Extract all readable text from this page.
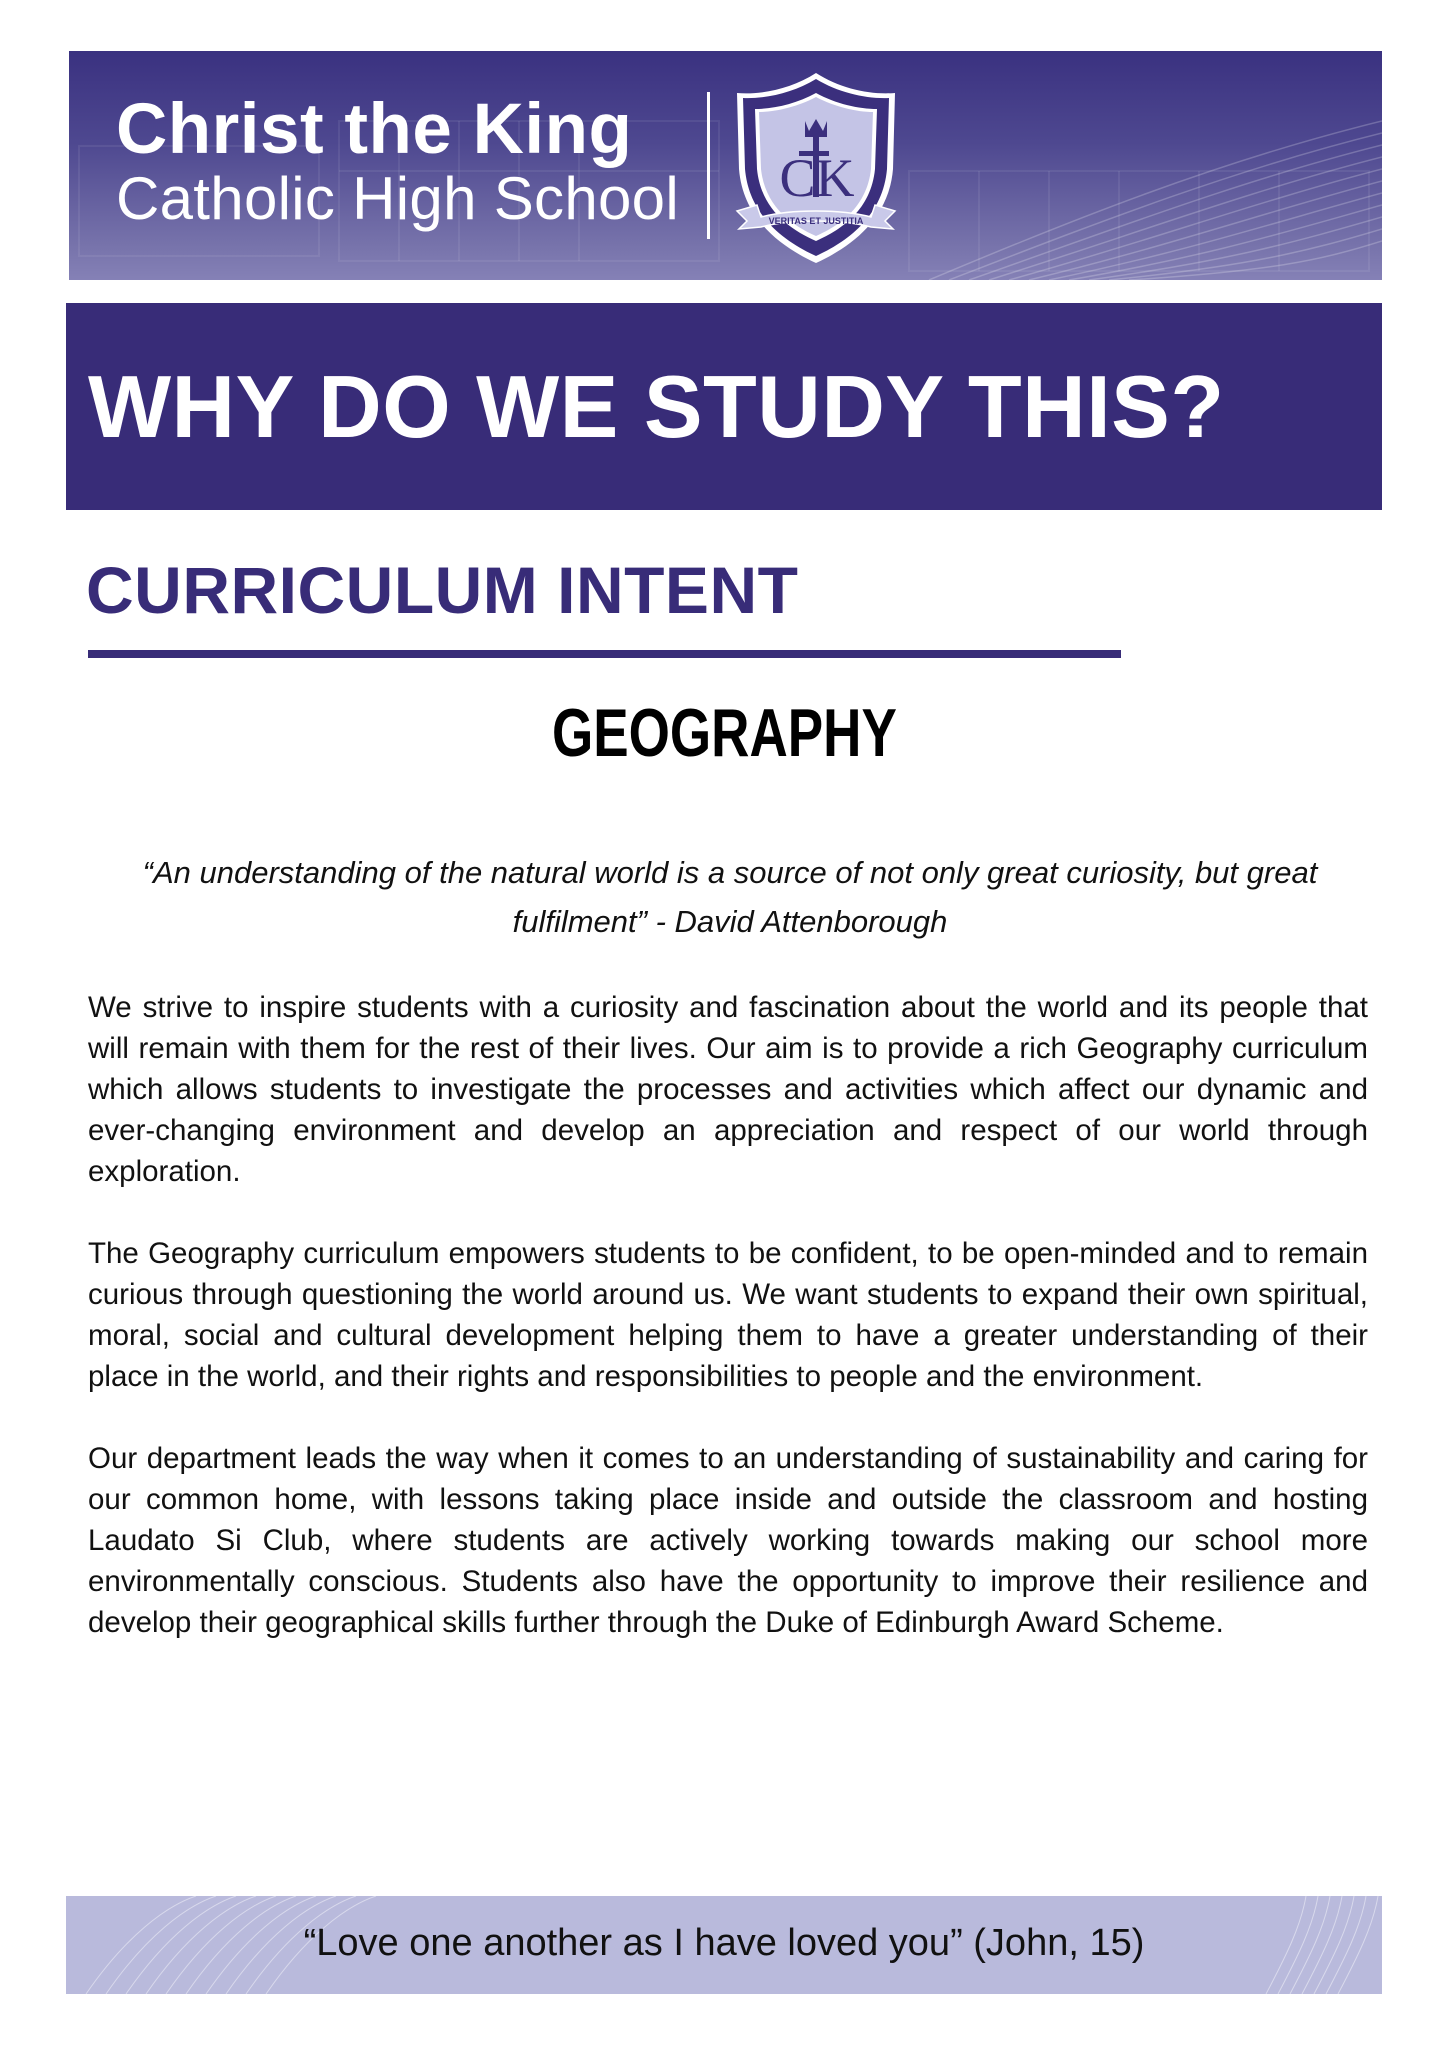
Christ the King
Catholic High School CK
VERITAS ET JUSTITIA
WHY DO WE STUDY THIS?
CURRICULUM INTENT
GEOGRAPHY
“An understanding of the natural world is a source of not only great curiosity, but great fulfilment” - David Attenborough

We strive to inspire students with a curiosity and fascination about the world and its people that will remain with them for the rest of their lives. Our aim is to provide a rich Geography curriculum which allows students to investigate the processes and activities which affect our dynamic and ever-changing environment and develop an appreciation and respect of our world through exploration.

The Geography curriculum empowers students to be confident, to be open-minded and to remain curious through questioning the world around us. We want students to expand their own spiritual, moral, social and cultural development helping them to have a greater understanding of their place in the world, and their rights and responsibilities to people and the environment.

Our department leads the way when it comes to an understanding of sustainability and caring for our common home, with lessons taking place inside and outside the classroom and hosting Laudato Si Club, where students are actively working towards making our school more environmentally conscious. Students also have the opportunity to improve their resilience and develop their geographical skills further through the Duke of Edinburgh Award Scheme.

“Love one another as I have loved you” (John, 15)
